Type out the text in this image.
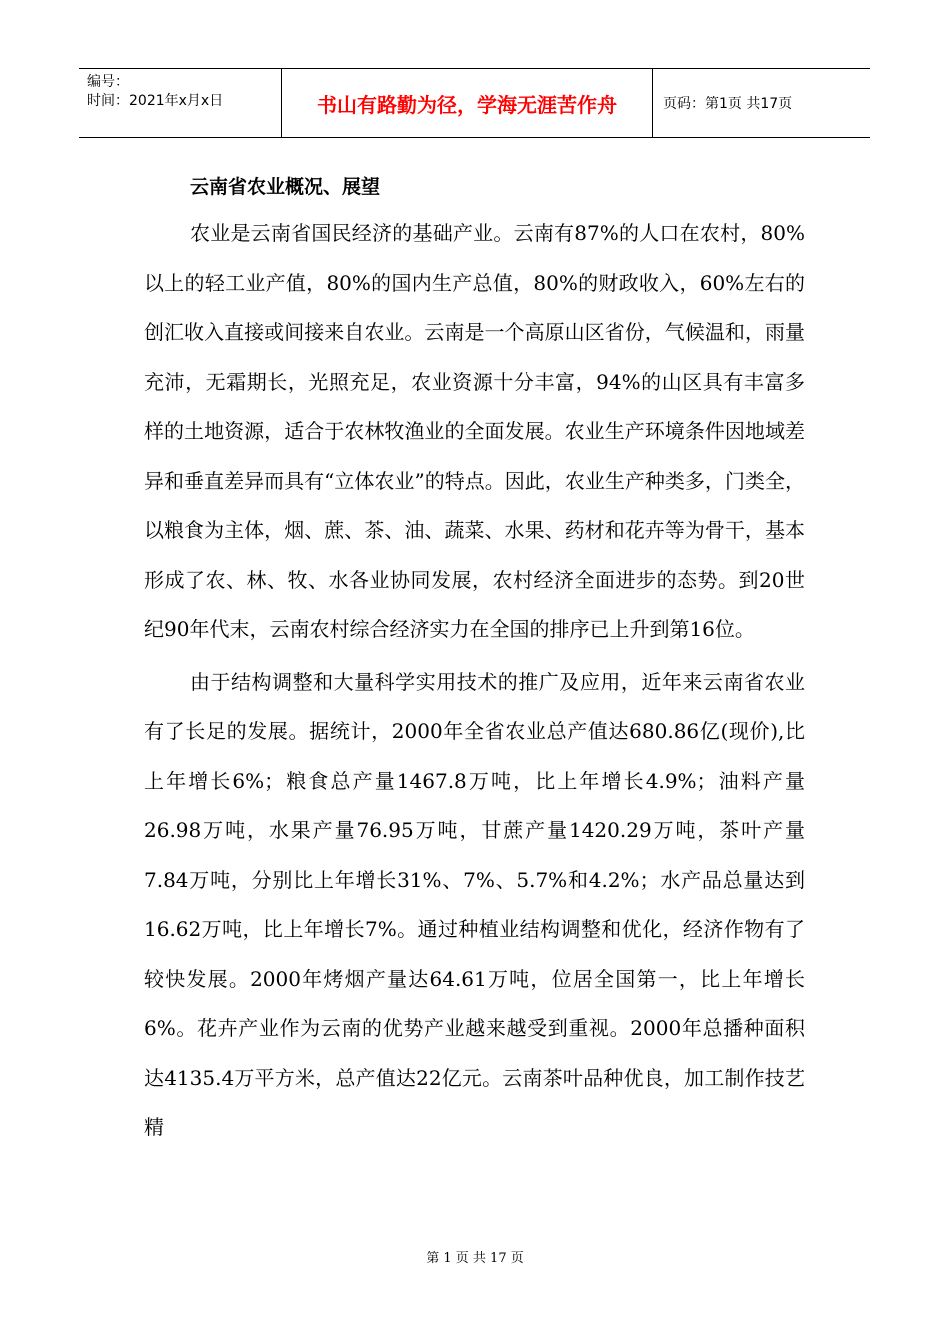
编号：
时间：2021年x月x日	书山有路勤为径，学海无涯苦作舟	页码：第1页 共17页
云南省农业概况、展望

农业是云南省国民经济的基础产业。云南有87%的人口在农村，80%以上的轻工业产值，80%的国内生产总值，80%的财政收入，60%左右的创汇收入直接或间接来自农业。云南是一个高原山区省份，气候温和，雨量充沛，无霜期长，光照充足，农业资源十分丰富，94%的山区具有丰富多样的土地资源，适合于农林牧渔业的全面发展。农业生产环境条件因地域差异和垂直差异而具有“立体农业”的特点。因此，农业生产种类多，门类全，以粮食为主体，烟、蔗、茶、油、蔬菜、水果、药材和花卉等为骨干，基本形成了农、林、牧、水各业协同发展，农村经济全面进步的态势。到20世纪90年代末，云南农村综合经济实力在全国的排序已上升到第16位。

由于结构调整和大量科学实用技术的推广及应用，近年来云南省农业有了长足的发展。据统计，2000年全省农业总产值达680.86亿(现价),比上年增长6%；粮食总产量1467.8万吨，比上年增长4.9%；油料产量26.98万吨，水果产量76.95万吨，甘蔗产量1420.29万吨，茶叶产量7.84万吨，分别比上年增长31%、7%、5.7%和4.2%；水产品总量达到16.62万吨，比上年增长7%。通过种植业结构调整和优化，经济作物有了较快发展。2000年烤烟产量达64.61万吨，位居全国第一，比上年增长6%。花卉产业作为云南的优势产业越来越受到重视。2000年总播种面积达4135.4万平方米，总产值达22亿元。云南茶叶品种优良，加工制作技艺精

第 1 页 共 17 页
